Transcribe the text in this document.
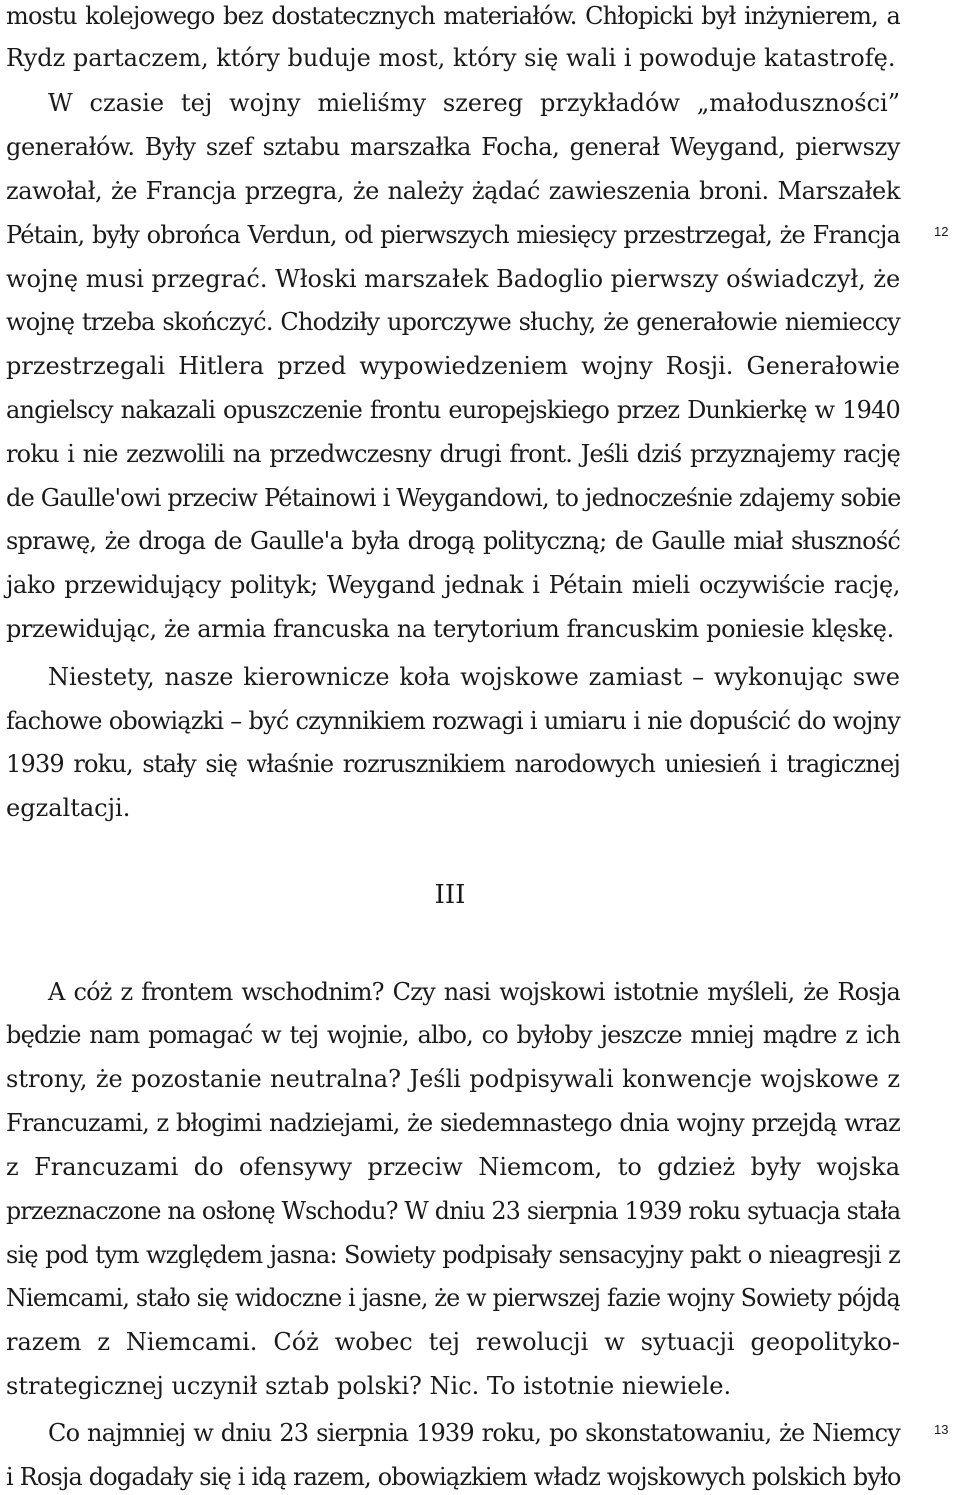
mostu kolejowego bez dostatecznych materiałów. Chłopicki był inżynierem, a
Rydz partaczem, który buduje most, który się wali i powoduje katastrofę.
W czasie tej wojny mieliśmy szereg przykładów „małoduszności”
generałów. Były szef sztabu marszałka Focha, generał Weygand, pierwszy
zawołał, że Francja przegra, że należy żądać zawieszenia broni. Marszałek
Pétain, były obrońca Verdun, od pierwszych miesięcy przestrzegał, że Francja
wojnę musi przegrać. Włoski marszałek Badoglio pierwszy oświadczył, że
wojnę trzeba skończyć. Chodziły uporczywe słuchy, że generałowie niemieccy
przestrzegali Hitlera przed wypowiedzeniem wojny Rosji. Generałowie
angielscy nakazali opuszczenie frontu europejskiego przez Dunkierkę w 1940
roku i nie zezwolili na przedwczesny drugi front. Jeśli dziś przyznajemy rację
de Gaulle'owi przeciw Pétainowi i Weygandowi, to jednocześnie zdajemy sobie
sprawę, że droga de Gaulle'a była drogą polityczną; de Gaulle miał słuszność
jako przewidujący polityk; Weygand jednak i Pétain mieli oczywiście rację,
przewidując, że armia francuska na terytorium francuskim poniesie klęskę.
Niestety, nasze kierownicze koła wojskowe zamiast – wykonując swe
fachowe obowiązki – być czynnikiem rozwagi i umiaru i nie dopuścić do wojny
1939 roku, stały się właśnie rozrusznikiem narodowych uniesień i tragicznej
egzaltacji.
III
A cóż z frontem wschodnim? Czy nasi wojskowi istotnie myśleli, że Rosja
będzie nam pomagać w tej wojnie, albo, co byłoby jeszcze mniej mądre z ich
strony, że pozostanie neutralna? Jeśli podpisywali konwencje wojskowe z
Francuzami, z błogimi nadziejami, że siedemnastego dnia wojny przejdą wraz
z Francuzami do ofensywy przeciw Niemcom, to gdzież były wojska
przeznaczone na osłonę Wschodu? W dniu 23 sierpnia 1939 roku sytuacja stała
się pod tym względem jasna: Sowiety podpisały sensacyjny pakt o nieagresji z
Niemcami, stało się widoczne i jasne, że w pierwszej fazie wojny Sowiety pójdą
razem z Niemcami. Cóż wobec tej rewolucji w sytuacji geopolityko-
strategicznej uczynił sztab polski? Nic. To istotnie niewiele.
Co najmniej w dniu 23 sierpnia 1939 roku, po skonstatowaniu, że Niemcy
i Rosja dogadały się i idą razem, obowiązkiem władz wojskowych polskich było
12
13
